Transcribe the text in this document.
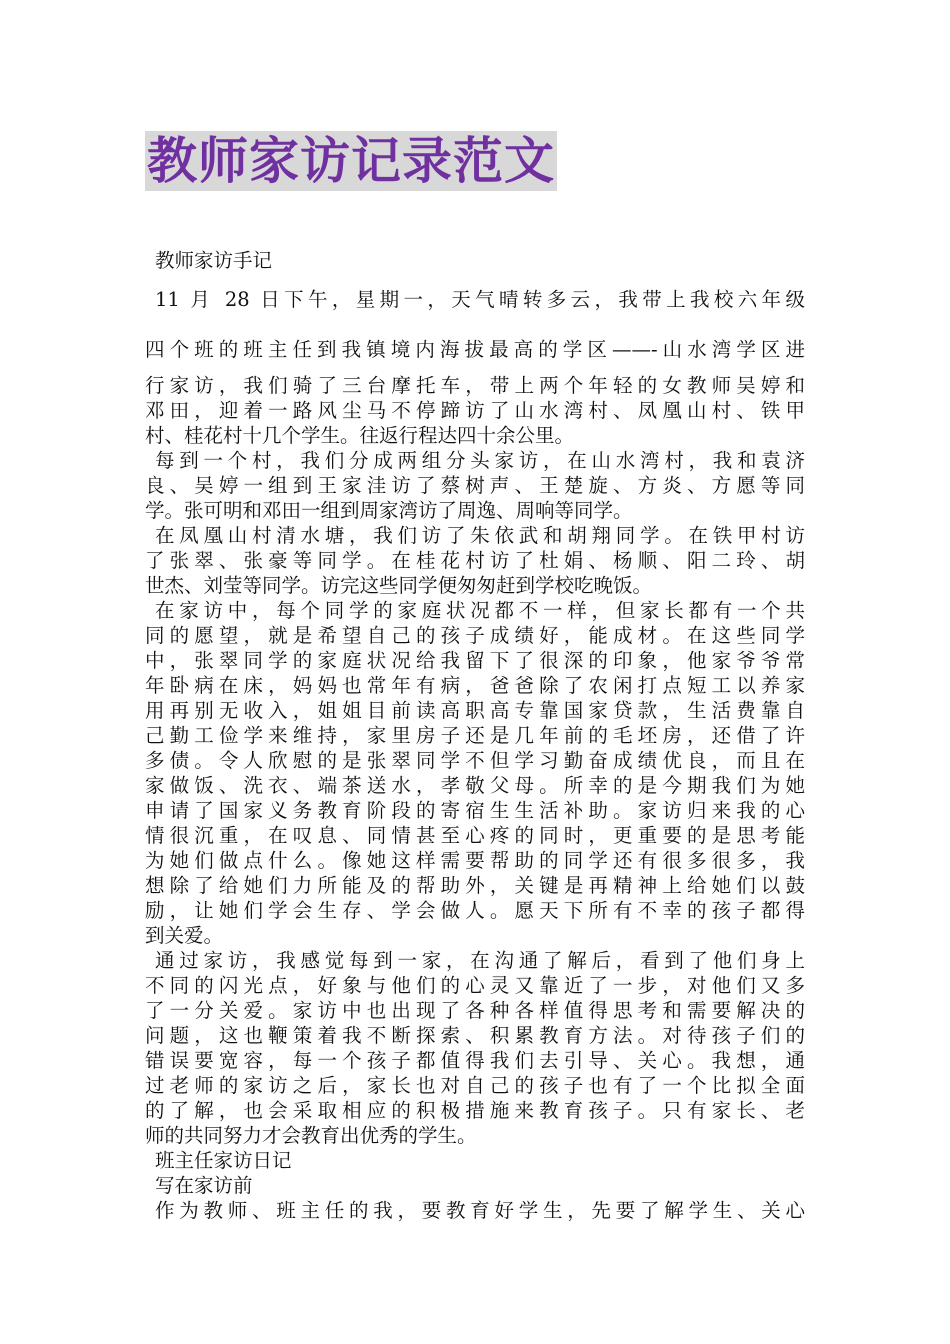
教师家访记录范文
教师家访手记
11 月 28 日下午，星期一，天气晴转多云，我带上我校六年级
四个班的班主任到我镇境内海拔最高的学区——-山水湾学区进
行家访，我们骑了三台摩托车，带上两个年轻的女教师吴婷和
邓田，迎着一路风尘马不停蹄访了山水湾村、凤凰山村、铁甲
村、桂花村十几个学生。往返行程达四十余公里。
每到一个村，我们分成两组分头家访，在山水湾村，我和袁济
良、吴婷一组到王家洼访了蔡树声、王楚旋、方炎、方愿等同
学。张可明和邓田一组到周家湾访了周逸、周响等同学。
在凤凰山村清水塘，我们访了朱依武和胡翔同学。在铁甲村访
了张翠、张豪等同学。在桂花村访了杜娟、杨顺、阳二玲、胡
世杰、刘莹等同学。访完这些同学便匆匆赶到学校吃晚饭。
在家访中，每个同学的家庭状况都不一样，但家长都有一个共
同的愿望，就是希望自己的孩子成绩好，能成材。在这些同学
中，张翠同学的家庭状况给我留下了很深的印象，他家爷爷常
年卧病在床，妈妈也常年有病，爸爸除了农闲打点短工以养家
用再别无收入，姐姐目前读高职高专靠国家贷款，生活费靠自
己勤工俭学来维持，家里房子还是几年前的毛坯房，还借了许
多债。令人欣慰的是张翠同学不但学习勤奋成绩优良，而且在
家做饭、洗衣、端茶送水，孝敬父母。所幸的是今期我们为她
申请了国家义务教育阶段的寄宿生生活补助。家访归来我的心
情很沉重，在叹息、同情甚至心疼的同时，更重要的是思考能
为她们做点什么。像她这样需要帮助的同学还有很多很多，我
想除了给她们力所能及的帮助外，关键是再精神上给她们以鼓
励，让她们学会生存、学会做人。愿天下所有不幸的孩子都得
到关爱。
通过家访，我感觉每到一家，在沟通了解后，看到了他们身上
不同的闪光点，好象与他们的心灵又靠近了一步，对他们又多
了一分关爱。家访中也出现了各种各样值得思考和需要解决的
问题，这也鞭策着我不断探索、积累教育方法。对待孩子们的
错误要宽容，每一个孩子都值得我们去引导、关心。我想，通
过老师的家访之后，家长也对自己的孩子也有了一个比拟全面
的了解，也会采取相应的积极措施来教育孩子。只有家长、老
师的共同努力才会教育出优秀的学生。
班主任家访日记
写在家访前
作为教师、班主任的我，要教育好学生，先要了解学生、关心
